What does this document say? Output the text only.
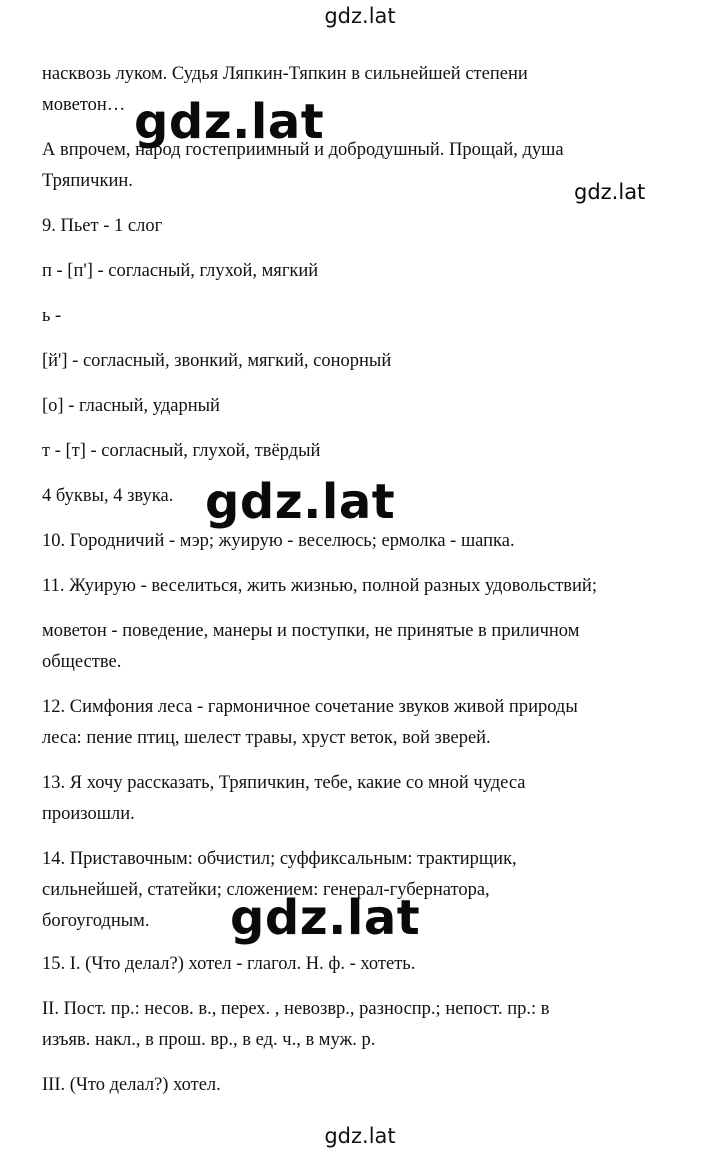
gdz.lat
gdz.lat
gdz.lat
gdz.lat
gdz.lat

насквозь луком. Судья Ляпкин-Тяпкин в сильнейшей степени

моветон…

А впрочем, народ гостеприимный и добродушный. Прощай, душа

Тряпичкин.

9. Пьет - 1 слог

п - [п'] - согласный, глухой, мягкий

ь -

[й'] - согласный, звонкий, мягкий, сонорный

[о] - гласный, ударный

т - [т] - согласный, глухой, твёрдый

4 буквы, 4 звука.

10. Городничий - мэр; жуирую - веселюсь; ермолка - шапка.

11. Жуирую - веселиться, жить жизнью, полной разных удовольствий;

моветон - поведение, манеры и поступки, не принятые в приличном

обществе.

12. Симфония леса - гармоничное сочетание звуков живой природы

леса: пение птиц, шелест травы, хруст веток, вой зверей.

13. Я хочу рассказать, Тряпичкин, тебе, какие со мной чудеса

произошли.

14. Приставочным: обчистил; суффиксальным: трактирщик,

сильнейшей, статейки; сложением: генерал-губернатора,

богоугодным.

15. I. (Что делал?) хотел - глагол. Н. ф. - хотеть.

II. Пост. пр.: несов. в., перех. , невозвр., разноспр.; непост. пр.: в

изъяв. накл., в прош. вр., в ед. ч., в муж. р.

III. (Что делал?) хотел.

gdz.lat
